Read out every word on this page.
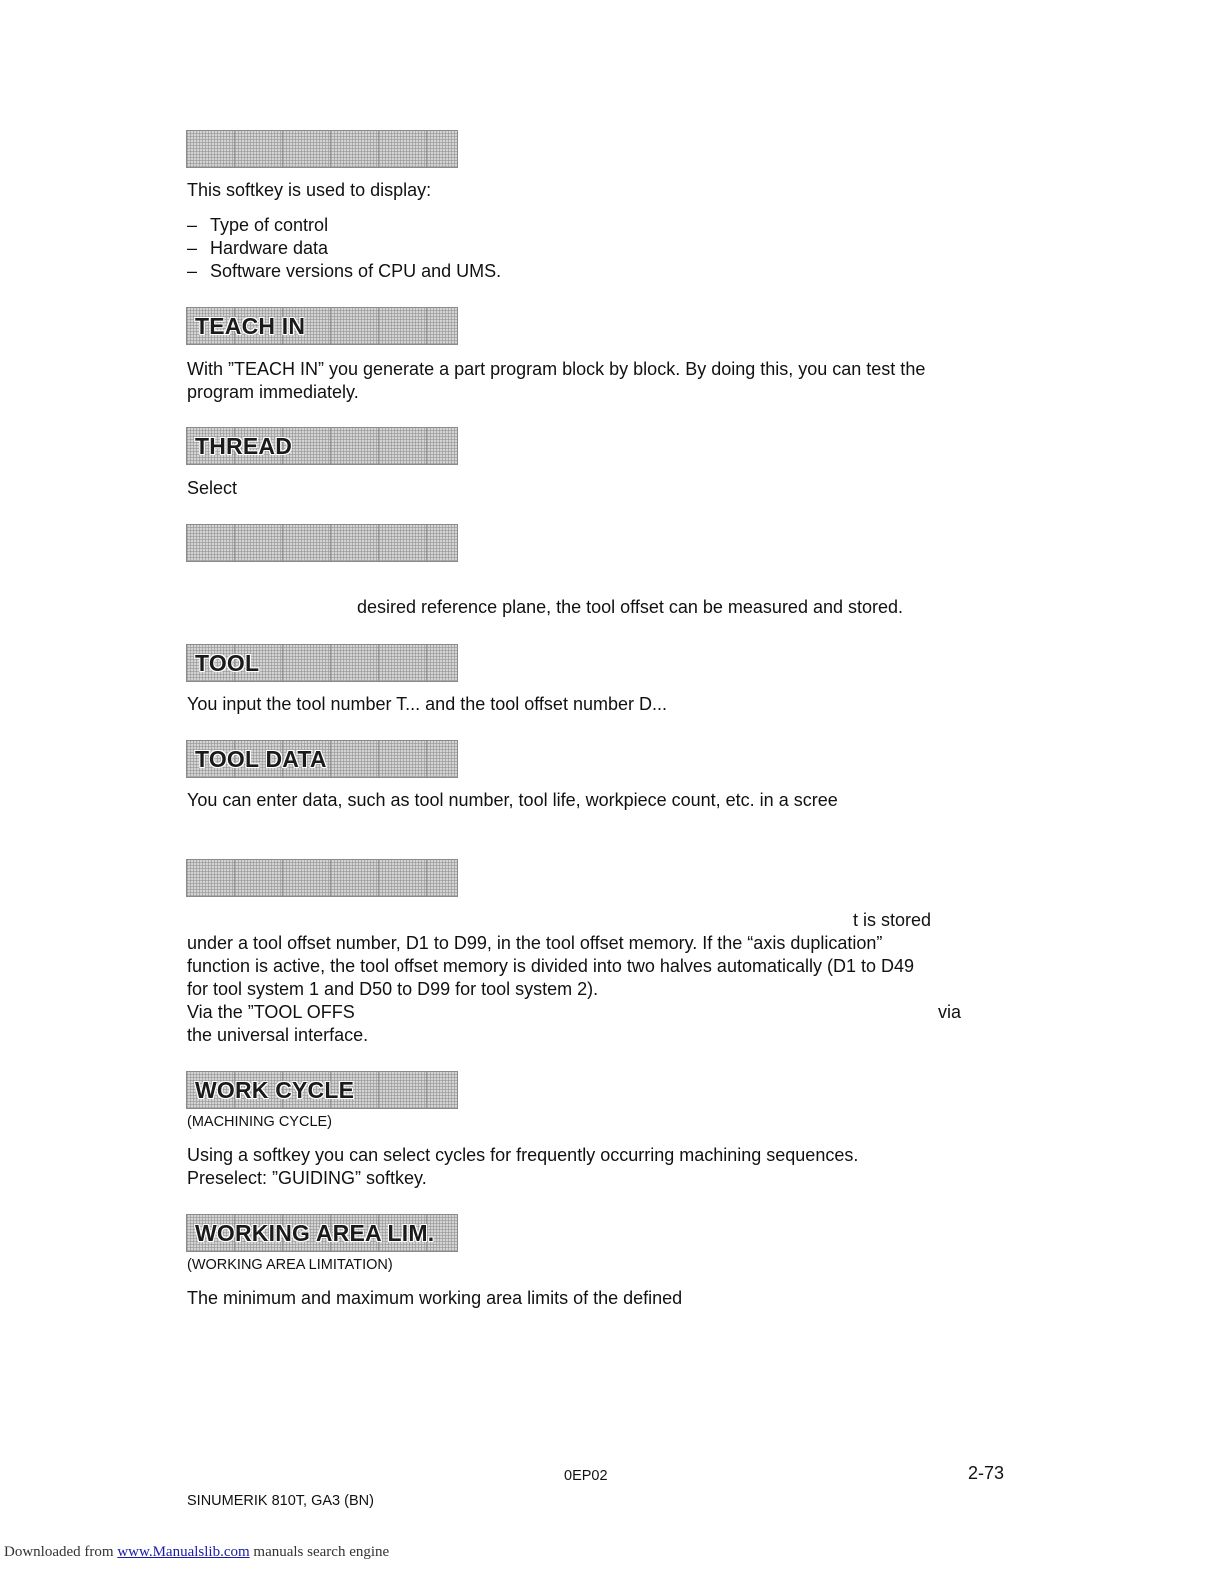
This softkey is used to display:
– Type of control
– Hardware data
– Software versions of CPU and UMS.
TEACH IN
With ”TEACH IN” you generate a part program block by block. By doing this, you can test the
program immediately.
THREAD
Select
desired reference plane, the tool offset can be measured and stored.
TOOL
You input the tool number T... and the tool offset number D...
TOOL DATA
You can enter data, such as tool number, tool life, workpiece count, etc. in a scree
t is stored
under a tool offset number, D1 to D99, in the tool offset memory. If the “axis duplication”
function is active, the tool offset memory is divided into two halves automatically (D1 to D49
for tool system 1 and D50 to D99 for tool system 2).
Via the ”TOOL OFFS	via
the universal interface.
WORK CYCLE
(MACHINING CYCLE)
Using a softkey you can select cycles for frequently occurring machining sequences.
Preselect: ”GUIDING” softkey.
WORKING AREA LIM.
(WORKING AREA LIMITATION)
The minimum and maximum working area limits of the defined
0EP02	2-73
SINUMERIK 810T, GA3 (BN)
Downloaded from www.Manualslib.com manuals search engine
